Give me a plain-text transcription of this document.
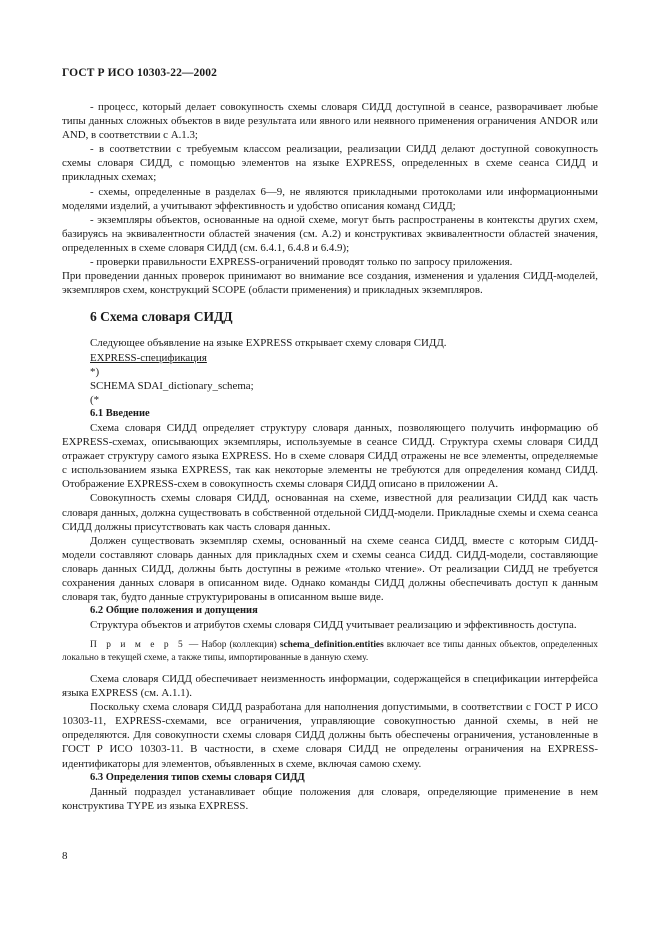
ГОСТ Р ИСО 10303-22—2002

- процесс, который делает совокупность схемы словаря СИДД доступной в сеансе, разворачивает любые типы данных сложных объектов в виде результата или явного или неявного применения ограничения ANDOR или AND, в соответствии с А.1.3;

- в соответствии с требуемым классом реализации, реализации СИДД делают доступной совокупность схемы словаря СИДД, с помощью элементов на языке EXPRESS, определенных в схеме сеанса СИДД и прикладных схемах;

- схемы, определенные в разделах 6—9, не являются прикладными протоколами или информационными моделями изделий, а учитывают эффективность и удобство описания команд СИДД;

- экземпляры объектов, основанные на одной схеме, могут быть распространены в контексты других схем, базируясь на эквивалентности областей значения (см. А.2) и конструктивах эквивалентности областей значения, определенных в схеме словаря СИДД (см. 6.4.1, 6.4.8 и 6.4.9);

- проверки правильности EXPRESS-ограничений проводят только по запросу приложения.

При проведении данных проверок принимают во внимание все создания, изменения и удаления СИДД-моделей, экземпляров схем, конструкций SCOPE (области применения) и прикладных экземпляров.

6 Схема словаря СИДД

Следующее объявление на языке EXPRESS открывает схему словаря СИДД.

EXPRESS-спецификация

*)

SCHEMA SDAI_dictionary_schema;

(*

6.1 Введение

Схема словаря СИДД определяет структуру словаря данных, позволяющего получить информацию об EXPRESS-схемах, описывающих экземпляры, используемые в сеансе СИДД. Структура схемы словаря СИДД отражает структуру самого языка EXPRESS. Но в схеме словаря СИДД отражены не все элементы, определяемые с использованием языка EXPRESS, так как некоторые элементы не требуются для определения команд СИДД. Отображение EXPRESS-схем в совокупность схемы словаря СИДД описано в приложении А.

Совокупность схемы словаря СИДД, основанная на схеме, известной для реализации СИДД как часть словаря данных, должна существовать в собственной отдельной СИДД-модели. Прикладные схемы и схема сеанса СИДД должны присутствовать как часть словаря данных.

Должен существовать экземпляр схемы, основанный на схеме сеанса СИДД, вместе с которым СИДД-модели составляют словарь данных для прикладных схем и схемы сеанса СИДД. СИДД-модели, составляющие словарь данных СИДД, должны быть доступны в режиме «только чтение». От реализации СИДД не требуется сохранения данных словаря в описанном виде. Однако команды СИДД должны обеспечивать доступ к данным словаря так, будто данные структурированы в описанном выше виде.

6.2 Общие положения и допущения

Структура объектов и атрибутов схемы словаря СИДД учитывает реализацию и эффективность доступа.

П р и м е р 5 — Набор (коллекция) schema_definition.entities включает все типы данных объектов, определенных локально в текущей схеме, а также типы, импортированные в данную схему.

Схема словаря СИДД обеспечивает неизменность информации, содержащейся в спецификации интерфейса языка EXPRESS (см. А.1.1).

Поскольку схема словаря СИДД разработана для наполнения допустимыми, в соответствии с ГОСТ Р ИСО 10303-11, EXPRESS-схемами, все ограничения, управляющие совокупностью данной схемы, в ней не определяются. Для совокупности схемы словаря СИДД должны быть обеспечены ограничения, установленные в ГОСТ Р ИСО 10303-11. В частности, в схеме словаря СИДД не определены ограничения на EXPRESS-идентификаторы для элементов, объявленных в схеме, включая самою схему.

6.3 Определения типов схемы словаря СИДД

Данный подраздел устанавливает общие положения для словаря, определяющие применение в нем конструктива TYPE из языка EXPRESS.

8
